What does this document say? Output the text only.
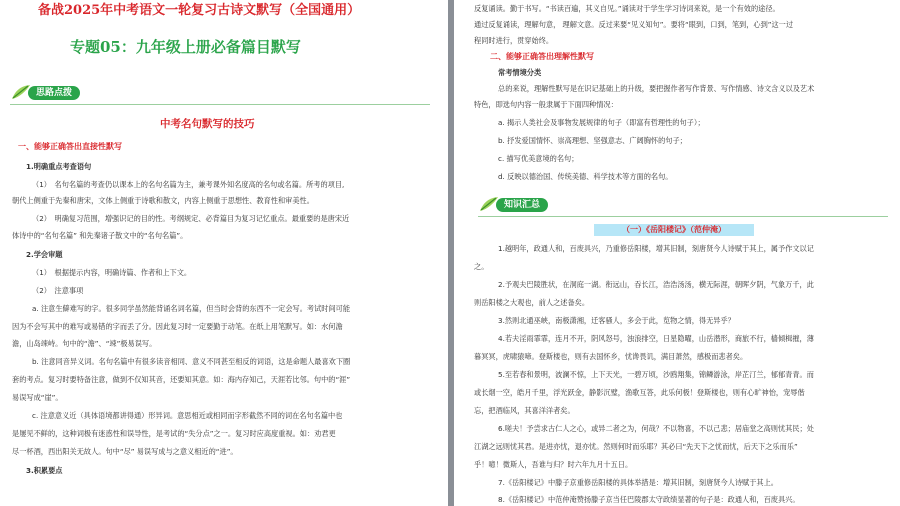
备战2025年中考语文一轮复习古诗文默写（全国通用）
专题05：九年级上册必备篇目默写
思路点拨
中考名句默写的技巧
一、能够正确答出直接性默写
1.明确重点考查语句
（1）　名句名篇的考查仍以课本上的名句名篇为主，兼考课外知名度高的名句或名篇。所考的项目,
朝代上侧重于先秦和唐宋，文体上侧重于诗歌和散文，内容上侧重于思想性、教育性和审美性。
（2）　明确复习范围，增强识记的目的性。考纲规定、必背篇目为复习记忆重点。最重要的是唐宋近
体诗中的“名句名篇” 和先秦诸子散文中的“名句名篇”。
2.学会审题
（1）　根据提示内容，明确诗篇、作者和上下文。
（2）　注意事项
a. 注意生僻难写的字。很多同学虽然能背诵名词名篇，但当时会背的东西不一定会写。考试时间可能
因为不会写其中的难写或易错的字而丢了分。因此复习时一定要勤于动笔。在纸上用笔默写。如：水何澹
澹，山岛竦峙。句中的“澹”、“竦”极易误写。
b. 注意同音异义词。名句名篇中有很多读音相同、意义不同甚至相反的词语，这是命题人最喜欢下圈
套的考点。复习时要特备注意，做到不仅知其音，还要知其意。如：海内存知己，天涯若比邻。句中的“涯”
易误写成“崖”。
c. 注意意义近（具体语境都讲得通）形异词。意思相近或相同而字形截然不同的词在名句名篇中也
是屡见不鲜的，这种词极有迷惑性和误导性，是考试的“失分点”之一。复习时应高度重视。如：劝君更
尽一杯酒，西出阳关无故人。句中“尽” 易误写成与之意义相近的“进”。
3.积累要点
反复诵读。勤于书写。“书读百遍，其义自见。”诵读对于学生学习诗词来说，是一个有效的途径。
通过反复诵读，理解句意， 理解文意。反过来要“见义知句”。要将“眼到，口到，笔到，心到”这一过
程同时进行，贯穿始终。
二、能够正确答出理解性默写
常考情境分类
总的来说，理解性默写是在识记基础上的升级，要把握作者写作背景、写作情感、诗文含义以及艺术
特色，即选句内容一般隶属于下面四种情况：
a. 揭示人类社会及事物发展规律的句子（即富有哲理性的句子）；
b. 抒发爱国情怀、崇高理想、坚强意志、广阔胸怀的句子；
c. 描写优美意境的名句；
d. 反映以德治国、传统美德、科学技术等方面的名句。
知识汇总
（一）《岳阳楼记》（范仲淹）
1.越明年，政通人和，百废具兴，乃重修岳阳楼，增其旧制，刻唐贤今人诗赋于其上，属予作文以记
之。
2.予观夫巴陵胜状，在洞庭一湖。衔远山，吞长江，浩浩汤汤，横无际涯，朝晖夕阴，气象万千，此
则岳阳楼之大观也，前人之述备矣。
3.然则北通巫峡，南极潇湘，迁客骚人，多会于此，览物之情，得无异乎？
4.若夫淫雨霏霏，连月不开，阴风怒号，浊浪排空，日星隐曜，山岳潜形，商旅不行，樯倾楫摧，薄
暮冥冥，虎啸猿啼。登斯楼也，则有去国怀乡，忧谗畏讥，满目萧然，感极而悲者矣。
5.至若春和景明，波澜不惊，上下天光，一碧万顷，沙鸥翔集，锦鳞游泳，岸芷汀兰，郁郁青青。而
或长烟一空，皓月千里，浮光跃金，静影沉璧，渔歌互答，此乐何极！登斯楼也，则有心旷神怡，宠辱偕
忘，把酒临风，其喜洋洋者矣。
6.嗟夫！予尝求古仁人之心，或异二者之为，何哉？不以物喜，不以己悲；居庙堂之高则忧其民；处
江湖之远则忧其君。是进亦忧，退亦忧。然则何时而乐耶？其必曰“先天下之忧而忧，后天下之乐而乐”
乎！噫！微斯人，吾谁与归？时六年九月十五日。
7.《岳阳楼记》中滕子京重修岳阳楼的具体举措是：增其旧制，刻唐贤今人诗赋于其上。
8.《岳阳楼记》中范仲淹赞扬滕子京当任巴陵郡太守政绩显著的句子是：政通人和，百废具兴。
